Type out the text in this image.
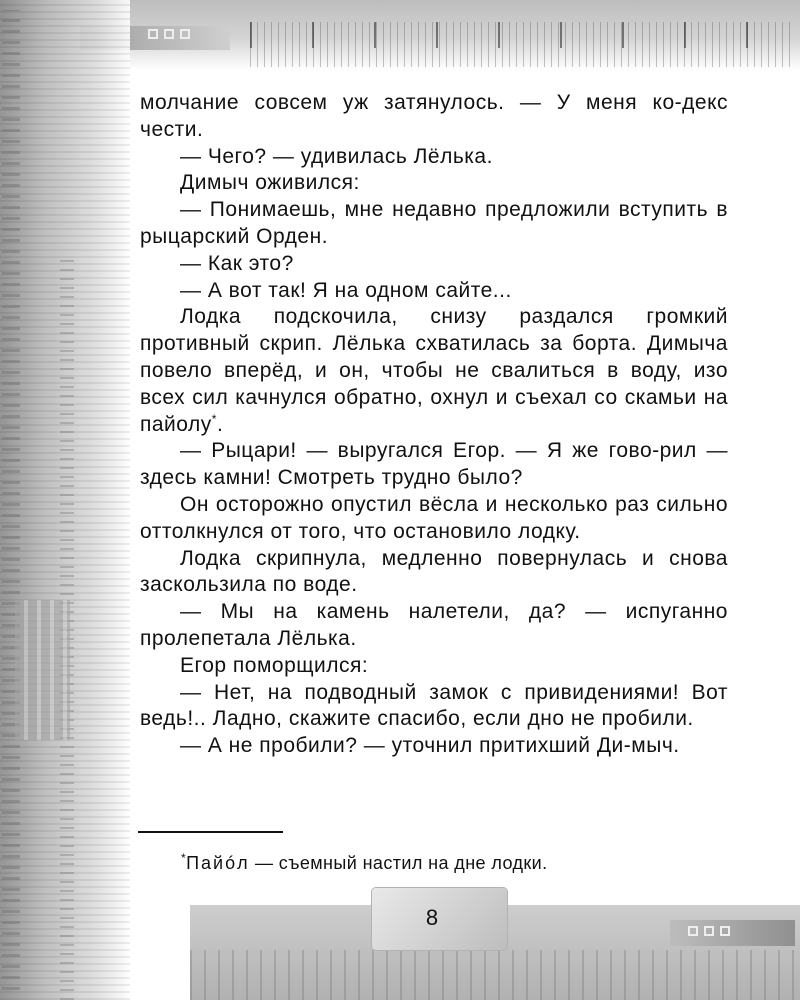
8

молчание совсем уж затянулось. — У меня ко-декс чести.

— Чего? — удивилась Лёлька.

Димыч оживился:

— Понимаешь, мне недавно предложили вступить в рыцарский Орден.

— Как это?

— А вот так! Я на одном сайте...

Лодка подскочила, снизу раздался громкий противный скрип. Лёлька схватилась за борта. Димыча повело вперёд, и он, чтобы не свалиться в воду, изо всех сил качнулся обратно, охнул и съехал со скамьи на пайолу*.

— Рыцари! — выругался Егор. — Я же гово-рил — здесь камни! Смотреть трудно было?

Он осторожно опустил вёсла и несколько раз сильно оттолкнулся от того, что остановило лодку.

Лодка скрипнула, медленно повернулась и снова заскользила по воде.

— Мы на камень налетели, да? — испуганно пролепетала Лёлька.

Егор поморщился:

— Нет, на подводный замок с привидениями! Вот ведь!.. Ладно, скажите спасибо, если дно не пробили.

— А не пробили? — уточнил притихший Ди-мыч.

*Пайóл — съемный настил на дне лодки.
